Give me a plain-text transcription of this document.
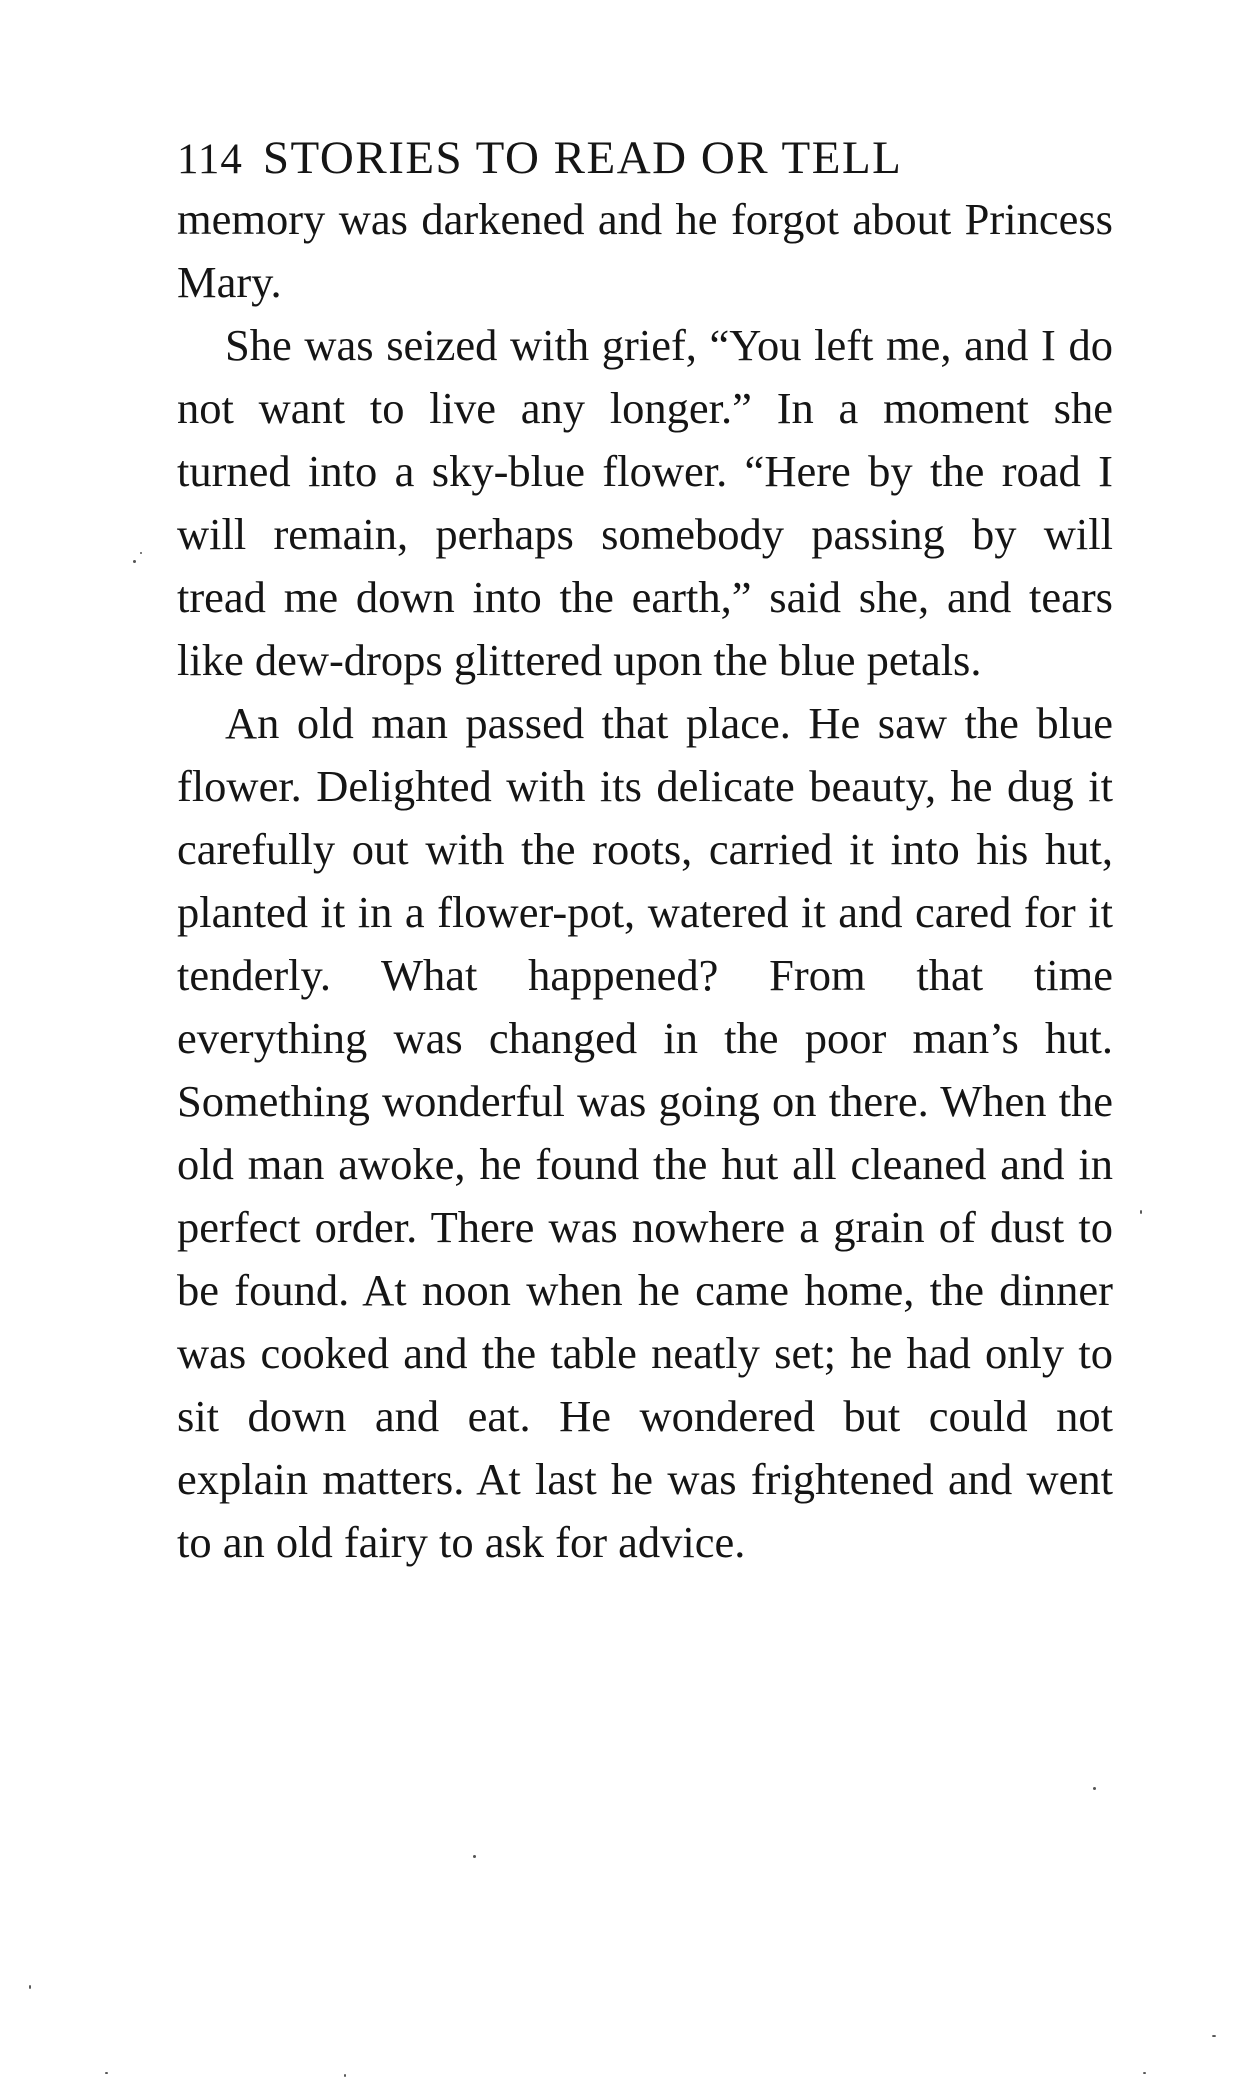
114 STORIES TO READ OR TELL

memory was darkened and he forgot about Princess Mary.

She was seized with grief, “You left me, and I do not want to live any longer.” In a moment she turned into a sky-blue flower. “Here by the road I will remain, perhaps somebody passing by will tread me down into the earth,” said she, and tears like dew-drops glittered upon the blue petals.

An old man passed that place. He saw the blue flower. Delighted with its delicate beauty, he dug it carefully out with the roots, carried it into his hut, planted it in a flower-pot, watered it and cared for it tenderly. What happened? From that time everything was changed in the poor man’s hut. Something wonderful was going on there. When the old man awoke, he found the hut all cleaned and in perfect order. There was nowhere a grain of dust to be found. At noon when he came home, the dinner was cooked and the table neatly set; he had only to sit down and eat. He wondered but could not explain matters. At last he was frightened and went to an old fairy to ask for advice.
